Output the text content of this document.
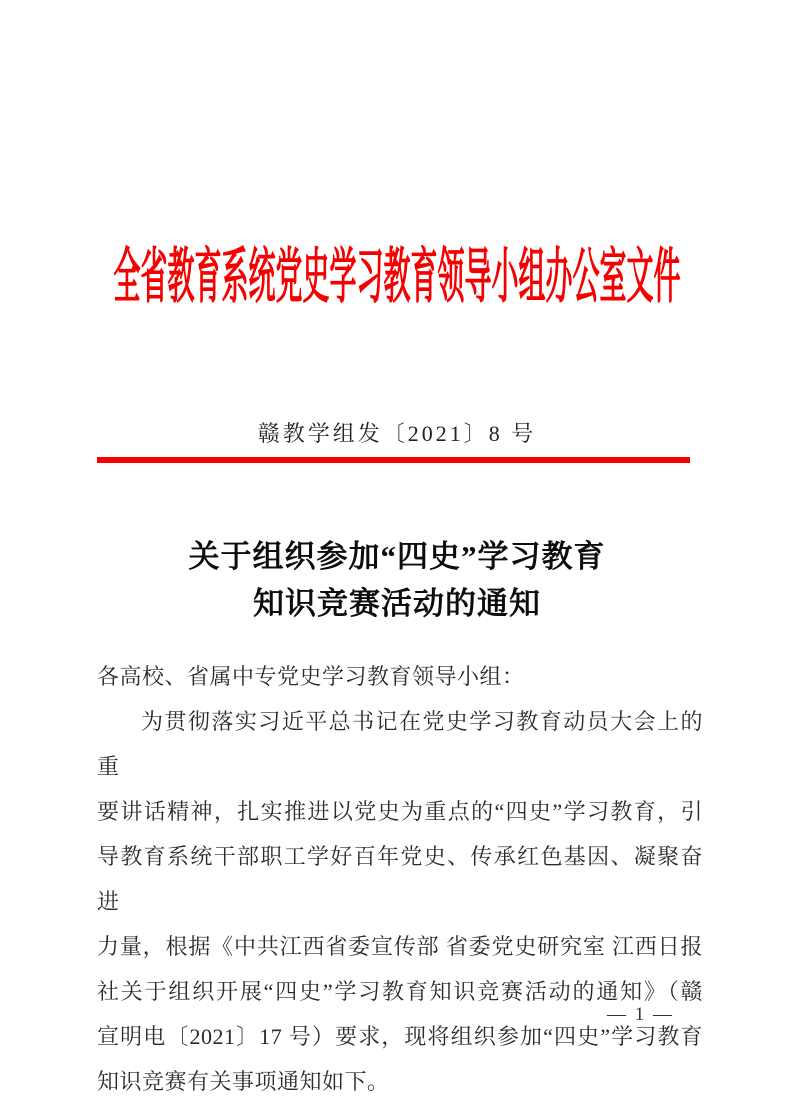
全省教育系统党史学习教育领导小组办公室文件
赣教学组发〔2021〕8 号
关于组织参加“四史”学习教育
知识竞赛活动的通知
各高校、省属中专党史学习教育领导小组：
为贯彻落实习近平总书记在党史学习教育动员大会上的重
要讲话精神，扎实推进以党史为重点的“四史”学习教育，引
导教育系统干部职工学好百年党史、传承红色基因、凝聚奋进
力量，根据《中共江西省委宣传部 省委党史研究室 江西日报
社关于组织开展“四史”学习教育知识竞赛活动的通知》（赣
宣明电〔2021〕17 号）要求，现将组织参加“四史”学习教育
知识竞赛有关事项通知如下。
— 1 —
